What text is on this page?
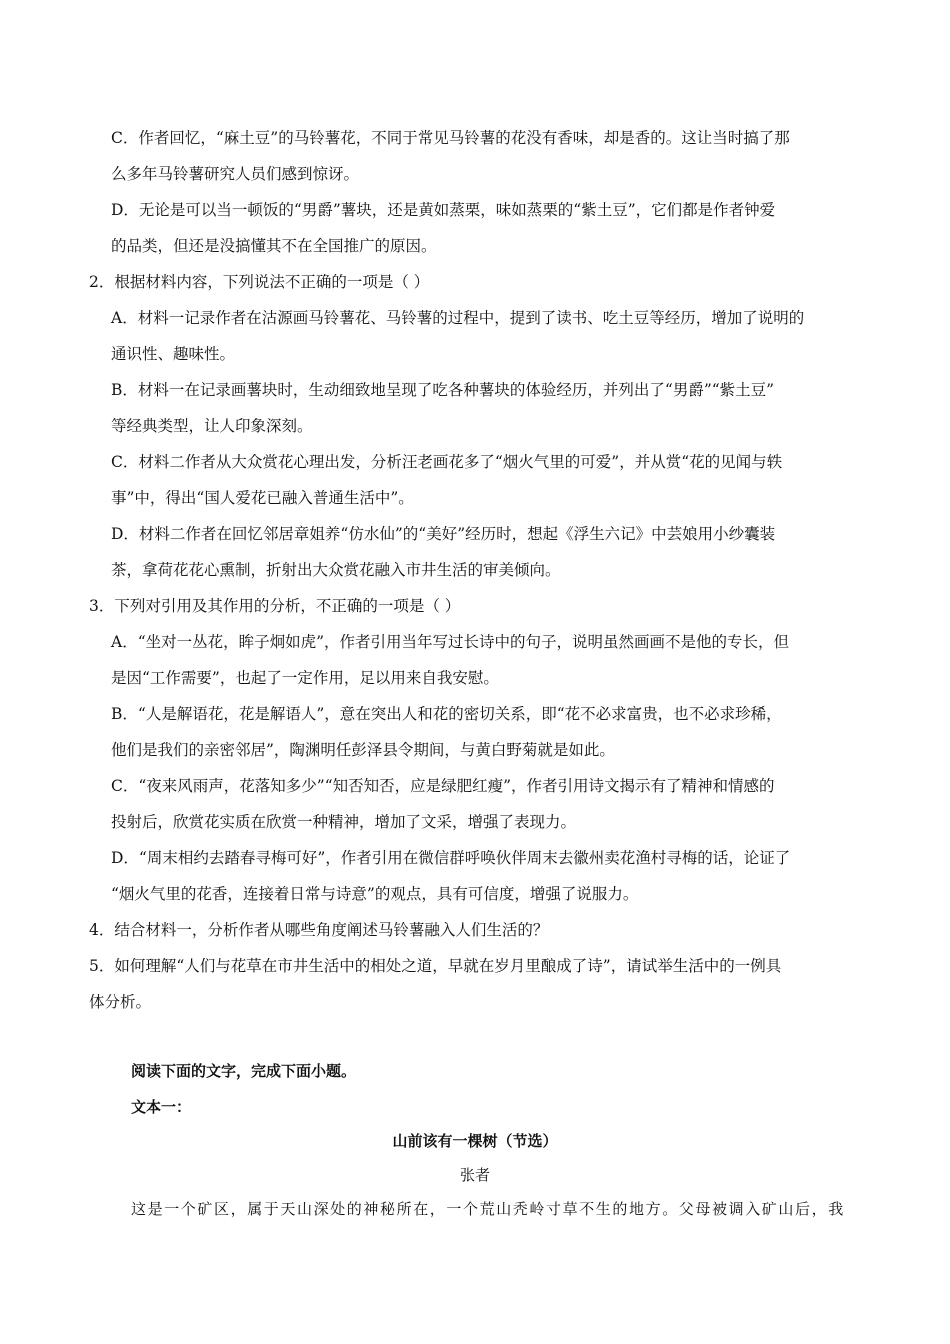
C．作者回忆，“麻土豆”的马铃薯花，不同于常见马铃薯的花没有香味，却是香的。这让当时搞了那
么多年马铃薯研究人员们感到惊讶。
D．无论是可以当一顿饭的“男爵”薯块，还是黄如蒸栗，味如蒸栗的“紫土豆”，它们都是作者钟爱
的品类，但还是没搞懂其不在全国推广的原因。
2．根据材料内容，下列说法不正确的一项是（ ）
A．材料一记录作者在沽源画马铃薯花、马铃薯的过程中，提到了读书、吃土豆等经历，增加了说明的
通识性、趣味性。
B．材料一在记录画薯块时，生动细致地呈现了吃各种薯块的体验经历，并列出了“男爵”“紫土豆”
等经典类型，让人印象深刻。
C．材料二作者从大众赏花心理出发，分析汪老画花多了“烟火气里的可爱”，并从赏“花的见闻与轶
事”中，得出“国人爱花已融入普通生活中”。
D．材料二作者在回忆邻居章姐养“仿水仙”的“美好”经历时，想起《浮生六记》中芸娘用小纱囊装
茶，拿荷花花心熏制，折射出大众赏花融入市井生活的审美倾向。
3．下列对引用及其作用的分析，不正确的一项是（ ）
A．“坐对一丛花，眸子炯如虎”，作者引用当年写过长诗中的句子，说明虽然画画不是他的专长，但
是因“工作需要”，也起了一定作用，足以用来自我安慰。
B．“人是解语花，花是解语人”，意在突出人和花的密切关系，即“花不必求富贵，也不必求珍稀，
他们是我们的亲密邻居”，陶渊明任彭泽县令期间，与黄白野菊就是如此。
C．“夜来风雨声，花落知多少”“知否知否，应是绿肥红瘦”，作者引用诗文揭示有了精神和情感的
投射后，欣赏花实质在欣赏一种精神，增加了文采，增强了表现力。
D．“周末相约去踏春寻梅可好”，作者引用在微信群呼唤伙伴周末去徽州卖花渔村寻梅的话，论证了
“烟火气里的花香，连接着日常与诗意”的观点，具有可信度，增强了说服力。
4．结合材料一，分析作者从哪些角度阐述马铃薯融入人们生活的？
5．如何理解“人们与花草在市井生活中的相处之道，早就在岁月里酿成了诗”，请试举生活中的一例具
体分析。
阅读下面的文字，完成下面小题。
文本一：
山前该有一棵树（节选）
张者
这是一个矿区，属于天山深处的神秘所在，一个荒山秃岭寸草不生的地方。父母被调入矿山后，我
